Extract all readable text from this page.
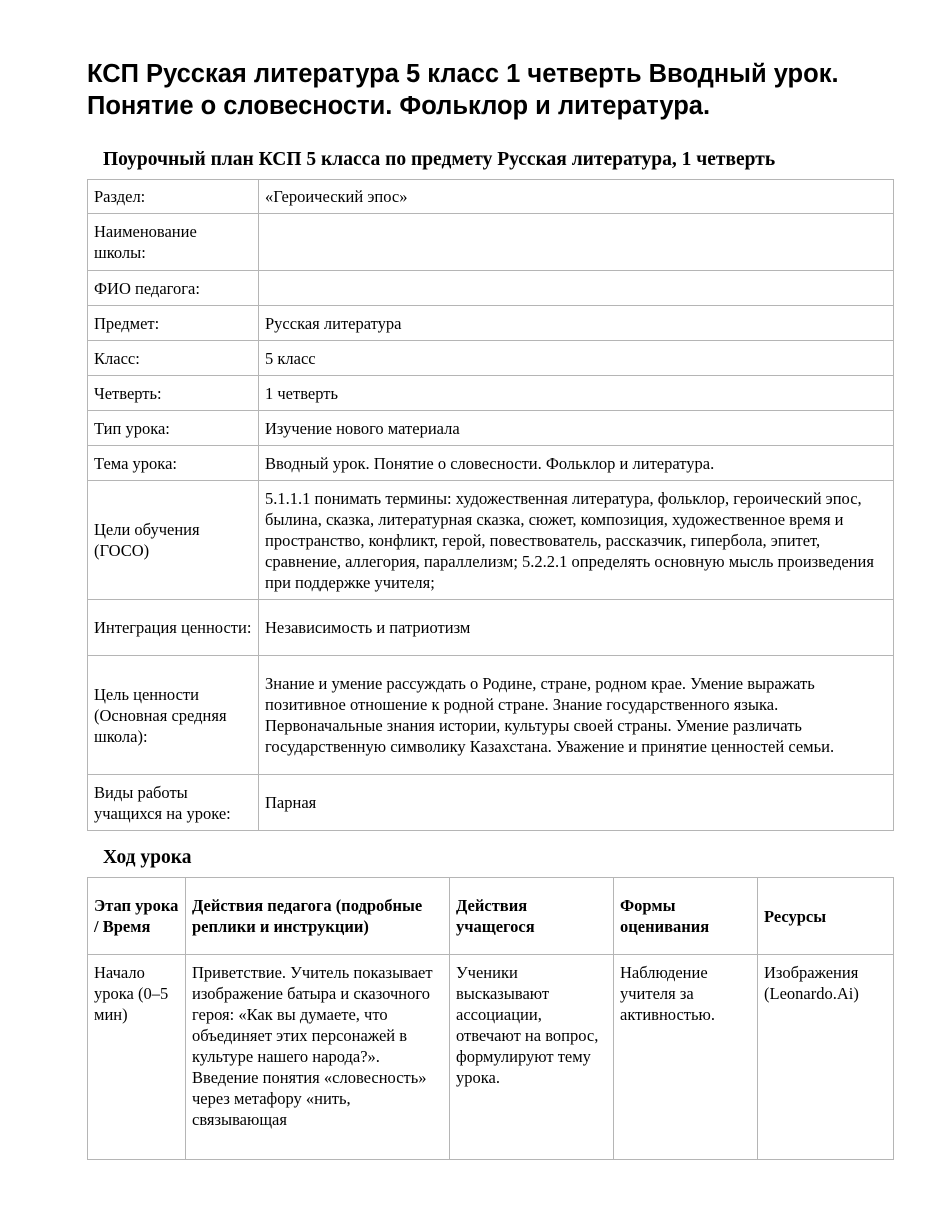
КСП Русская литература 5 класс 1 четверть Вводный урок. Понятие о словесности. Фольклор и литература.
Поурочный план КСП 5 класса по предмету Русская литература, 1 четверть
Раздел:	«Героический эпос»
Наименование школы:	
ФИО педагога:	
Предмет:	Русская литература
Класс:	5 класс
Четверть:	1 четверть
Тип урока:	Изучение нового материала
Тема урока:	Вводный урок. Понятие о словесности. Фольклор и литература.
Цели обучения (ГОСО)	5.1.1.1 понимать термины: художественная литература, фольклор, героический эпос, былина, сказка, литературная сказка, сюжет, композиция, художественное время и пространство, конфликт, герой, повествователь, рассказчик, гипербола, эпитет, сравнение, аллегория, параллелизм; 5.2.2.1 определять основную мысль произведения при поддержке учителя;
Интеграция ценности:	Независимость и патриотизм
Цель ценности (Основная средняя школа):	Знание и умение рассуждать о Родине, стране, родном крае. Умение выражать позитивное отношение к родной стране. Знание государственного языка. Первоначальные знания истории, культуры своей страны. Умение различать государственную символику Казахстана. Уважение и принятие ценностей семьи.
Виды работы учащихся на уроке:	Парная
Ход урока
Этап урока / Время	Действия педагога (подробные реплики и инструкции)	Действия учащегося	Формы оценивания	Ресурсы
Начало урока (0–5 мин)	Приветствие. Учитель показывает изображение батыра и сказочного героя: «Как вы думаете, что объединяет этих персонажей в культуре нашего народа?». Введение понятия «словесность» через метафору «нить, связывающая	Ученики высказывают ассоциации, отвечают на вопрос, формулируют тему урока.	Наблюдение учителя за активностью.	Изображения (Leonardo.Ai)
